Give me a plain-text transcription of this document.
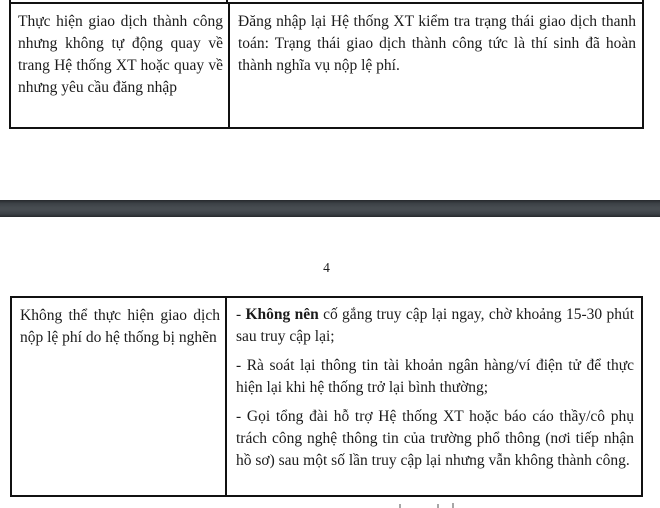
Thực hiện giao dịch thành công nhưng không tự động quay về trang Hệ thống XT hoặc quay về nhưng yêu cầu đăng nhập
Đăng nhập lại Hệ thống XT kiểm tra trạng thái giao dịch thanh toán: Trạng thái giao dịch thành công tức là thí sinh đã hoàn thành nghĩa vụ nộp lệ phí.
4
Không thể thực hiện giao dịch nộp lệ phí do hệ thống bị nghẽn

- Không nên cố gắng truy cập lại ngay, chờ khoảng 15-30 phút sau truy cập lại;

- Rà soát lại thông tin tài khoản ngân hàng/ví điện tử để thực hiện lại khi hệ thống trở lại bình thường;

- Gọi tổng đài hỗ trợ Hệ thống XT hoặc báo cáo thầy/cô phụ trách công nghệ thông tin của trường phổ thông (nơi tiếp nhận hồ sơ) sau một số lần truy cập lại nhưng vẫn không thành công.
